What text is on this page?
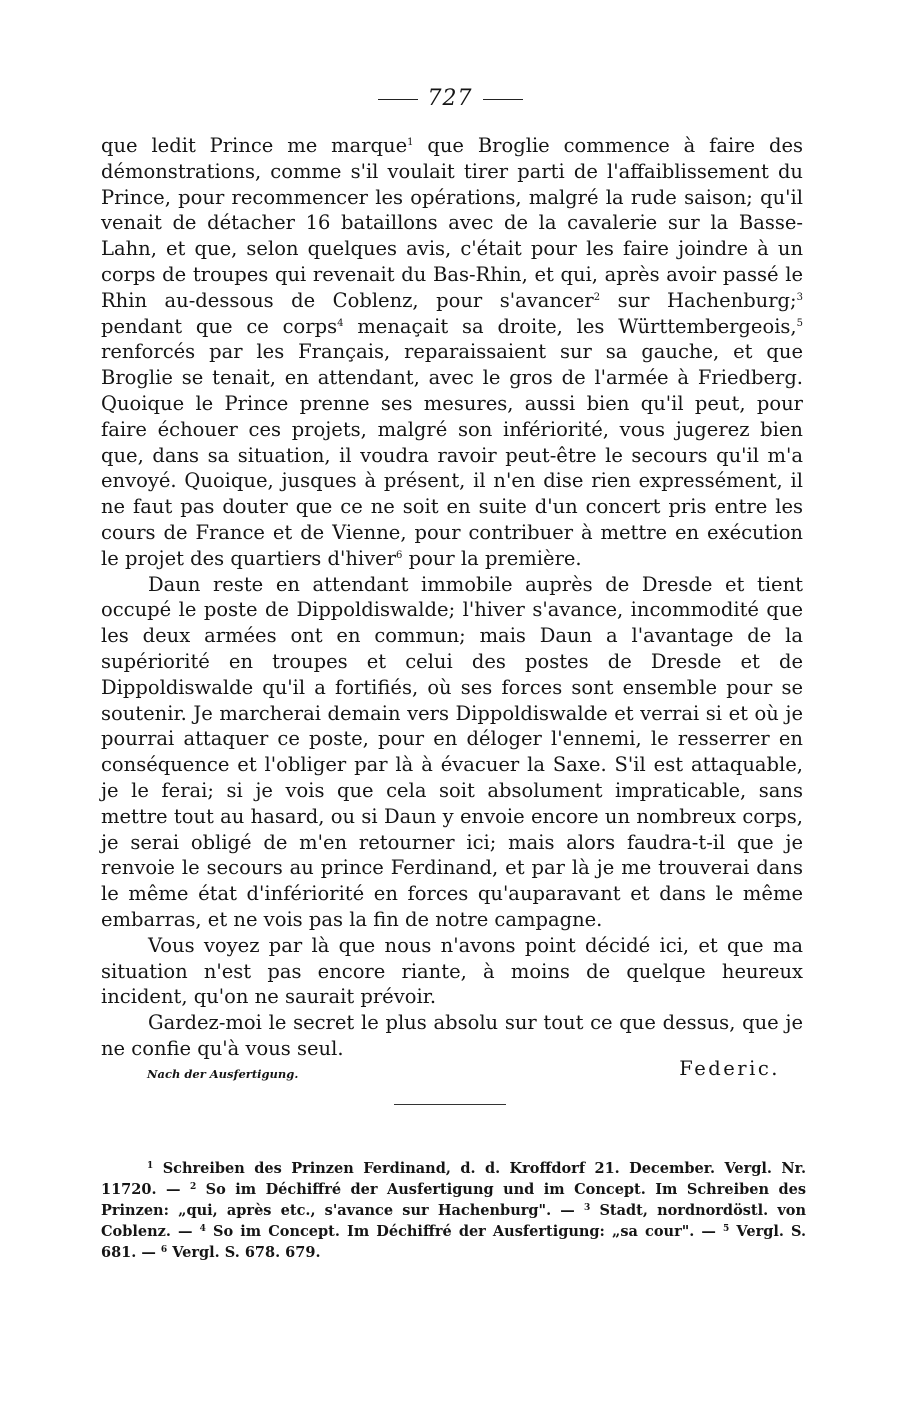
727

que ledit Prince me marque$^1$ que Broglie commence à faire des démonstrations, comme s'il voulait tirer parti de l'affaiblissement du Prince, pour recommencer les opérations, malgré la rude saison; qu'il venait de détacher 16 bataillons avec de la cavalerie sur la Basse-Lahn, et que, selon quelques avis, c'était pour les faire joindre à un corps de troupes qui revenait du Bas-Rhin, et qui, après avoir passé le Rhin au-dessous de Coblenz, pour s'avancer$^2$ sur Hachenburg;$^3$ pendant que ce corps$^4$ menaçait sa droite, les Württembergeois,$^5$ renforcés par les Français, reparaissaient sur sa gauche, et que Broglie se tenait, en attendant, avec le gros de l'armée à Friedberg. Quoique le Prince prenne ses mesures, aussi bien qu'il peut, pour faire échouer ces projets, malgré son infériorité, vous jugerez bien que, dans sa situation, il voudra ravoir peut-être le secours qu'il m'a envoyé. Quoique, jusques à présent, il n'en dise rien expressément, il ne faut pas douter que ce ne soit en suite d'un concert pris entre les cours de France et de Vienne, pour contribuer à mettre en exécution le projet des quartiers d'hiver$^6$ pour la première.

Daun reste en attendant immobile auprès de Dresde et tient occupé le poste de Dippoldiswalde; l'hiver s'avance, incommodité que les deux armées ont en commun; mais Daun a l'avantage de la supériorité en troupes et celui des postes de Dresde et de Dippoldiswalde qu'il a fortifiés, où ses forces sont ensemble pour se soutenir. Je marcherai demain vers Dippoldiswalde et verrai si et où je pourrai attaquer ce poste, pour en déloger l'ennemi, le resserrer en conséquence et l'obliger par là à évacuer la Saxe. S'il est attaquable, je le ferai; si je vois que cela soit absolument impraticable, sans mettre tout au hasard, ou si Daun y envoie encore un nombreux corps, je serai obligé de m'en retourner ici; mais alors faudra-t-il que je renvoie le secours au prince Ferdinand, et par là je me trouverai dans le même état d'infériorité en forces qu'auparavant et dans le même embarras, et ne vois pas la fin de notre campagne.

Vous voyez par là que nous n'avons point décidé ici, et que ma situation n'est pas encore riante, à moins de quelque heureux incident, qu'on ne saurait prévoir.

Gardez-moi le secret le plus absolu sur tout ce que dessus, que je ne confie qu'à vous seul.

Nach der Ausfertigung.	Federic.
$^1$ Schreiben des Prinzen Ferdinand, d. d. Kroffdorf 21. December. Vergl. Nr. 11720. — $^2$ So im Déchiffré der Ausfertigung und im Concept. Im Schreiben des Prinzen: „qui, après etc., s'avance sur Hachenburg". — $^3$ Stadt, nordnordöstl. von Coblenz. — $^4$ So im Concept. Im Déchiffré der Ausfertigung: „sa cour". — $^5$ Vergl. S. 681. — $^6$ Vergl. S. 678. 679.
